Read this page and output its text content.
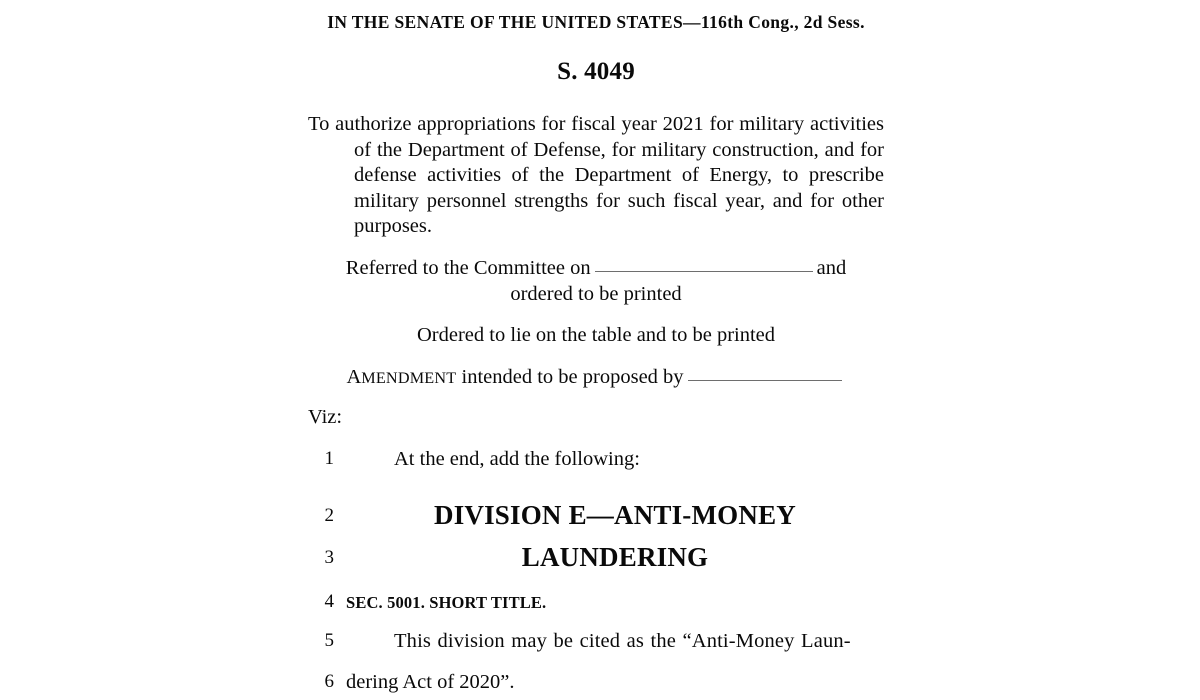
IN THE SENATE OF THE UNITED STATES—116th Cong., 2d Sess.
S. 4049
To authorize appropriations for fiscal year 2021 for military activities of the Department of Defense, for military construction, and for defense activities of the Department of Energy, to prescribe military personnel strengths for such fiscal year, and for other purposes.
Referred to the Committee on	and
ordered to be printed
Ordered to lie on the table and to be printed
AMENDMENT intended to be proposed by
Viz:
1	At the end, add the following:
2	DIVISION E—ANTI-MONEY
3	LAUNDERING
4 SEC. 5001. SHORT TITLE.
5	This division may be cited as the “Anti-Money Laun-
6 dering Act of 2020”.
